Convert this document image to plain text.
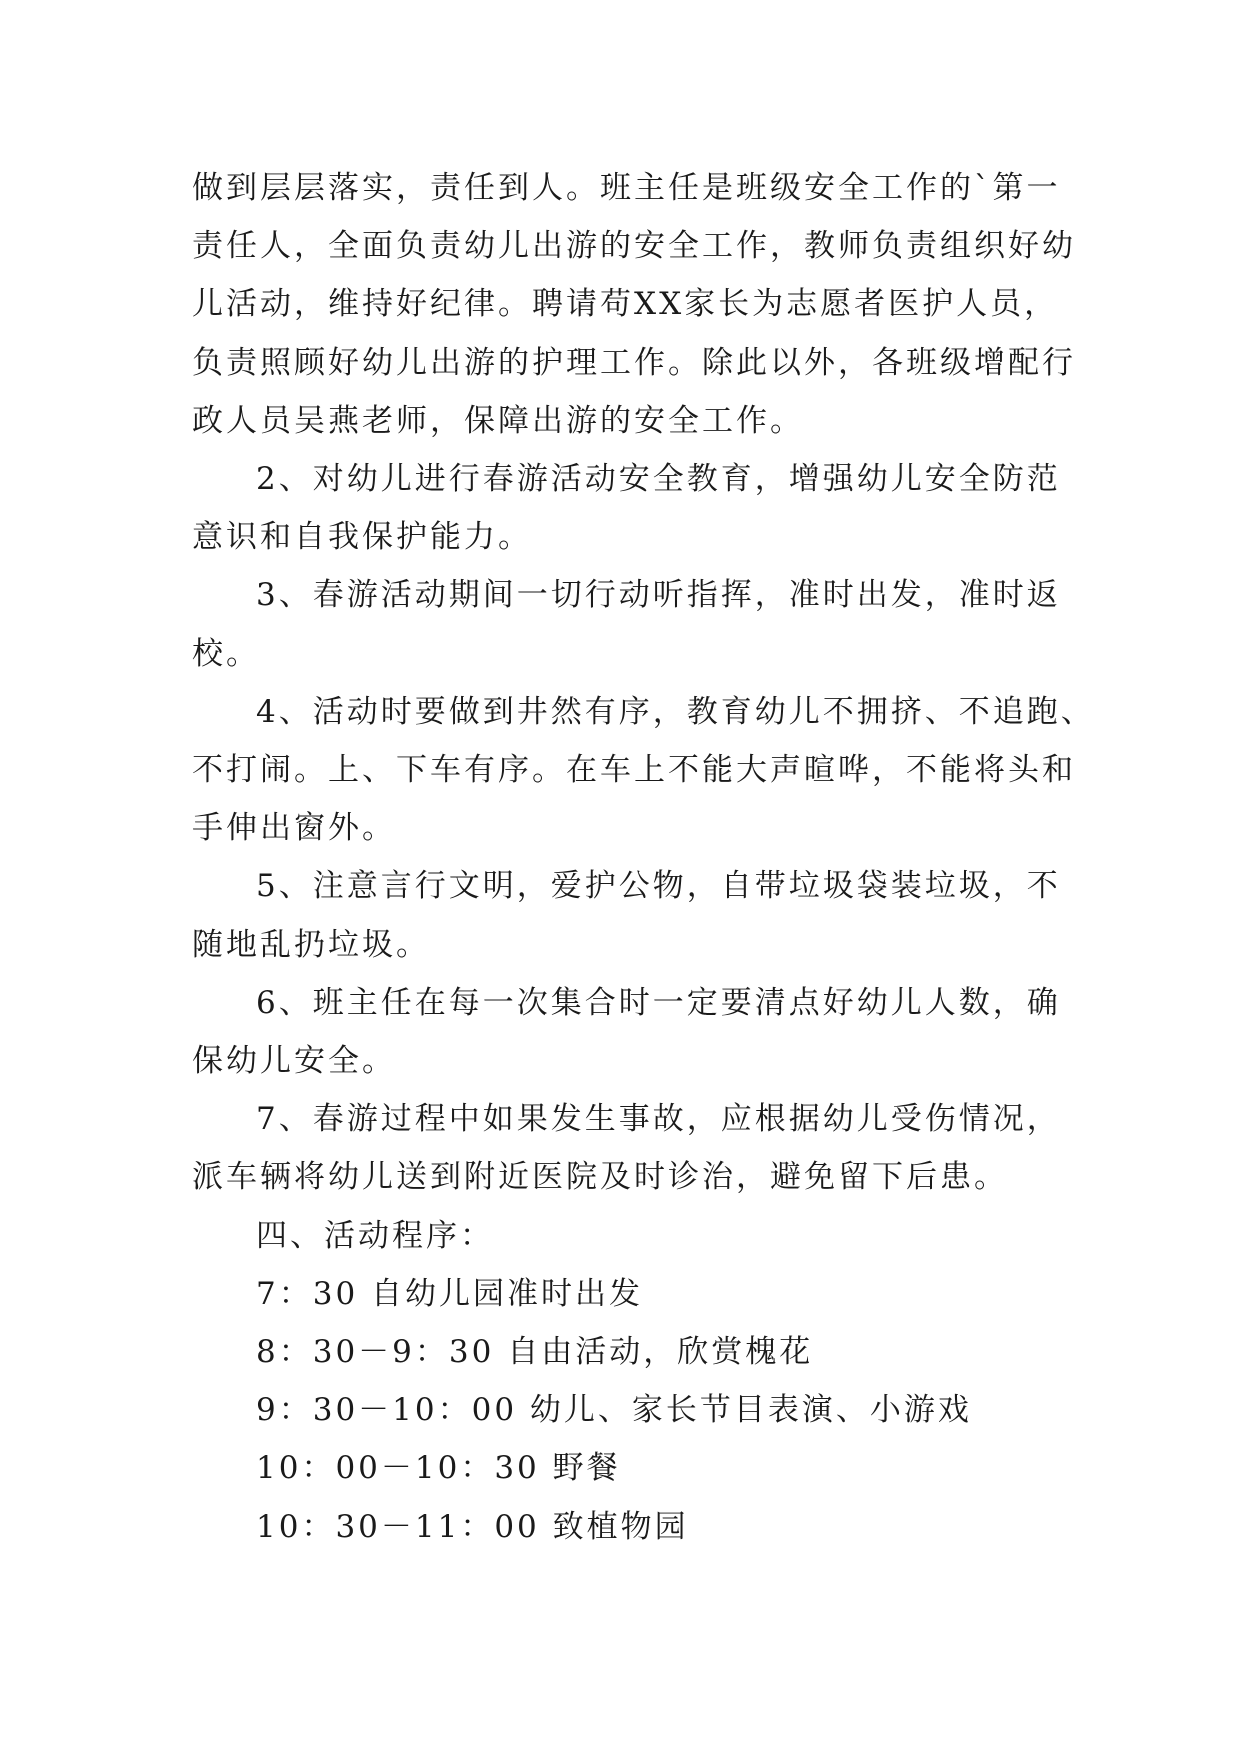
做到层层落实，责任到人。班主任是班级安全工作的`第一
责任人，全面负责幼儿出游的安全工作，教师负责组织好幼
儿活动，维持好纪律。聘请苟XX家长为志愿者医护人员，
负责照顾好幼儿出游的护理工作。除此以外，各班级增配行
政人员吴燕老师，保障出游的安全工作。
2、对幼儿进行春游活动安全教育，增强幼儿安全防范
意识和自我保护能力。
3、春游活动期间一切行动听指挥，准时出发，准时返
校。
4、活动时要做到井然有序，教育幼儿不拥挤、不追跑、
不打闹。上、下车有序。在车上不能大声暄哗，不能将头和
手伸出窗外。
5、注意言行文明，爱护公物，自带垃圾袋装垃圾，不
随地乱扔垃圾。
6、班主任在每一次集合时一定要清点好幼儿人数，确
保幼儿安全。
7、春游过程中如果发生事故，应根据幼儿受伤情况，
派车辆将幼儿送到附近医院及时诊治，避免留下后患。
四、活动程序：
7：30 自幼儿园准时出发
8：30－9：30 自由活动，欣赏槐花
9：30－10：00 幼儿、家长节目表演、小游戏
10：00－10：30 野餐
10：30－11：00 致植物园
